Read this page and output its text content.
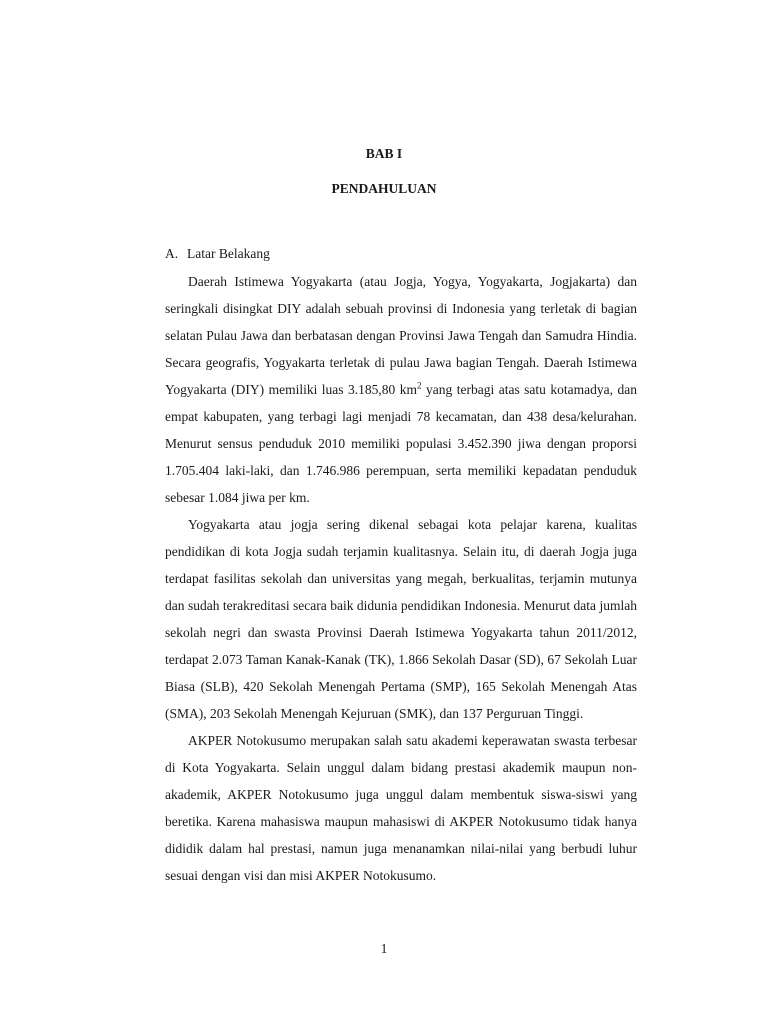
BAB I
PENDAHULUAN

A. Latar Belakang

Daerah Istimewa Yogyakarta (atau Jogja, Yogya, Yogyakarta, Jogjakarta) dan seringkali disingkat DIY adalah sebuah provinsi di Indonesia yang terletak di bagian selatan Pulau Jawa dan berbatasan dengan Provinsi Jawa Tengah dan Samudra Hindia. Secara geografis, Yogyakarta terletak di pulau Jawa bagian Tengah. Daerah Istimewa Yogyakarta (DIY) memiliki luas 3.185,80 $km^2$ yang terbagi atas satu kotamadya, dan empat kabupaten, yang terbagi lagi menjadi 78 kecamatan, dan 438 desa/kelurahan. Menurut sensus penduduk 2010 memiliki populasi 3.452.390 jiwa dengan proporsi 1.705.404 laki-laki, dan 1.746.986 perempuan, serta memiliki kepadatan penduduk sebesar 1.084 jiwa per km.

Yogyakarta atau jogja sering dikenal sebagai kota pelajar karena, kualitas pendidikan di kota Jogja sudah terjamin kualitasnya. Selain itu, di daerah Jogja juga terdapat fasilitas sekolah dan universitas yang megah, berkualitas, terjamin mutunya dan sudah terakreditasi secara baik didunia pendidikan Indonesia. Menurut data jumlah sekolah negri dan swasta Provinsi Daerah Istimewa Yogyakarta tahun 2011/2012, terdapat 2.073 Taman Kanak-Kanak (TK), 1.866 Sekolah Dasar (SD), 67 Sekolah Luar Biasa (SLB), 420 Sekolah Menengah Pertama (SMP), 165 Sekolah Menengah Atas (SMA), 203 Sekolah Menengah Kejuruan (SMK), dan 137 Perguruan Tinggi.

AKPER Notokusumo merupakan salah satu akademi keperawatan swasta terbesar di Kota Yogyakarta. Selain unggul dalam bidang prestasi akademik maupun non-akademik, AKPER Notokusumo juga unggul dalam membentuk siswa-siswi yang beretika. Karena mahasiswa maupun mahasiswi di AKPER Notokusumo tidak hanya dididik dalam hal prestasi, namun juga menanamkan nilai-nilai yang berbudi luhur sesuai dengan visi dan misi AKPER Notokusumo.

1
